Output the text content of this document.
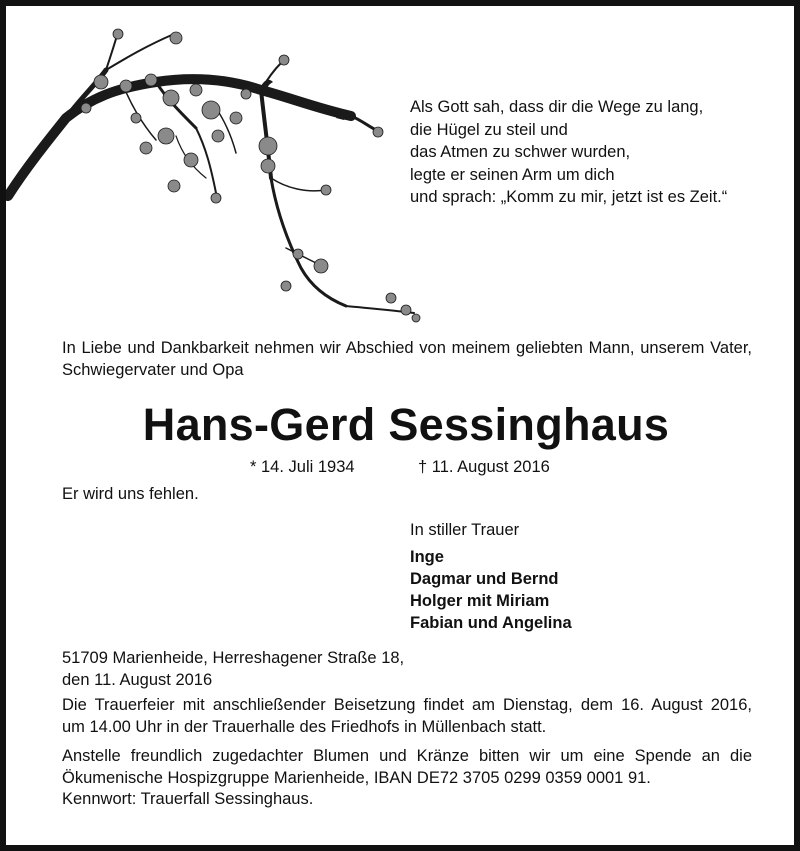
Als Gott sah, dass dir die Wege zu lang,
die Hügel zu steil und
das Atmen zu schwer wurden,
legte er seinen Arm um dich
und sprach: „Komm zu mir, jetzt ist es Zeit.“
In Liebe und Dankbarkeit nehmen wir Abschied von meinem geliebten Mann, unserem Vater, Schwiegervater und Opa
Hans-Gerd Sessinghaus
* 14. Juli 1934	† 11. August 2016
Er wird uns fehlen.
In stiller Trauer
Inge
Dagmar und Bernd
Holger mit Miriam
Fabian und Angelina
51709 Marienheide, Herreshagener Straße 18,
den 11. August 2016
Die Trauerfeier mit anschließender Beisetzung findet am Dienstag, dem 16. August 2016,
um 14.00 Uhr in der Trauerhalle des Friedhofs in Müllenbach statt.
Anstelle freundlich zugedachter Blumen und Kränze bitten wir um eine Spende an die
Ökumenische Hospizgruppe Marienheide, IBAN DE72 3705 0299 0359 0001 91.
Kennwort: Trauerfall Sessinghaus.
